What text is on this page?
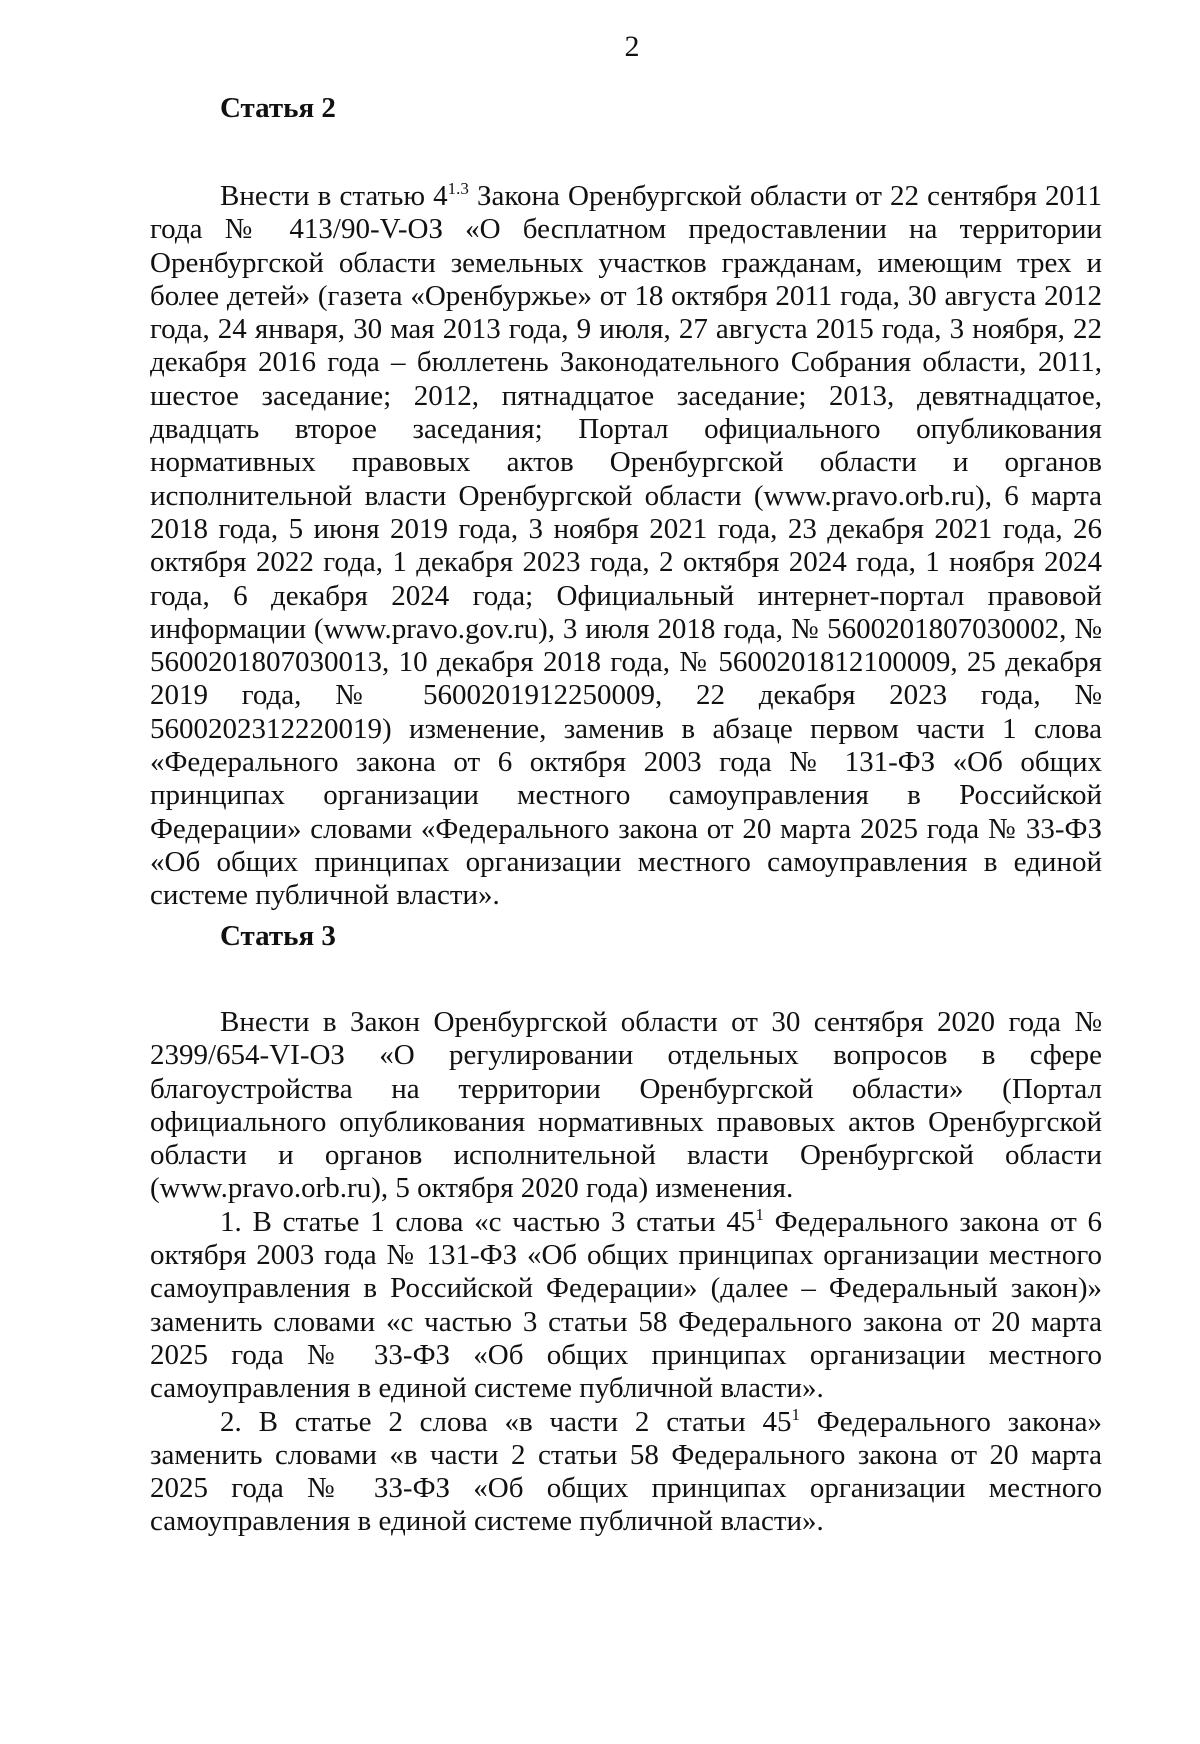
2
Статья 2

Внести в статью $4^{1.3}$ Закона Оренбургской области от 22 сентября 2011 года № 413/90-V-ОЗ «О бесплатном предоставлении на территории Оренбургской области земельных участков гражданам, имеющим трех и более детей» (газета «Оренбуржье» от 18 октября 2011 года, 30 августа 2012 года, 24 января, 30 мая 2013 года, 9 июля, 27 августа 2015 года, 3 ноября, 22 декабря 2016 года – бюллетень Законодательного Собрания области, 2011, шестое заседание; 2012, пятнадцатое заседание; 2013, девятнадцатое, двадцать второе заседания; Портал официального опубликования нормативных правовых актов Оренбургской области и органов исполнительной власти Оренбургской области (www.pravo.orb.ru), 6 марта 2018 года, 5 июня 2019 года, 3 ноября 2021 года, 23 декабря 2021 года, 26 октября 2022 года, 1 декабря 2023 года, 2 октября 2024 года, 1 ноября 2024 года, 6 декабря 2024 года; Официальный интернет-портал правовой информации (www.pravo.gov.ru), 3 июля 2018 года, № 5600201807030002, № 5600201807030013, 10 декабря 2018 года, № 5600201812100009, 25 декабря 2019 года, № 5600201912250009, 22 декабря 2023 года, № 5600202312220019) изменение, заменив в абзаце первом части 1 слова «Федерального закона от 6 октября 2003 года № 131-ФЗ «Об общих принципах организации местного самоуправления в Российской Федерации» словами «Федерального закона от 20 марта 2025 года № 33-ФЗ «Об общих принципах организации местного самоуправления в единой системе публичной власти».

Статья 3

Внести в Закон Оренбургской области от 30 сентября 2020 года № 2399/654-VI-ОЗ «О регулировании отдельных вопросов в сфере благоустройства на территории Оренбургской области» (Портал официального опубликования нормативных правовых актов Оренбургской области и органов исполнительной власти Оренбургской области (www.pravo.orb.ru), 5 октября 2020 года) изменения.

1. В статье 1 слова «с частью 3 статьи $45^1$ Федерального закона от 6 октября 2003 года № 131-ФЗ «Об общих принципах организации местного самоуправления в Российской Федерации» (далее – Федеральный закон)» заменить словами «с частью 3 статьи 58 Федерального закона от 20 марта 2025 года № 33-ФЗ «Об общих принципах организации местного самоуправления в единой системе публичной власти».

2. В статье 2 слова «в части 2 статьи $45^1$ Федерального закона» заменить словами «в части 2 статьи 58 Федерального закона от 20 марта 2025 года № 33-ФЗ «Об общих принципах организации местного самоуправления в единой системе публичной власти».
